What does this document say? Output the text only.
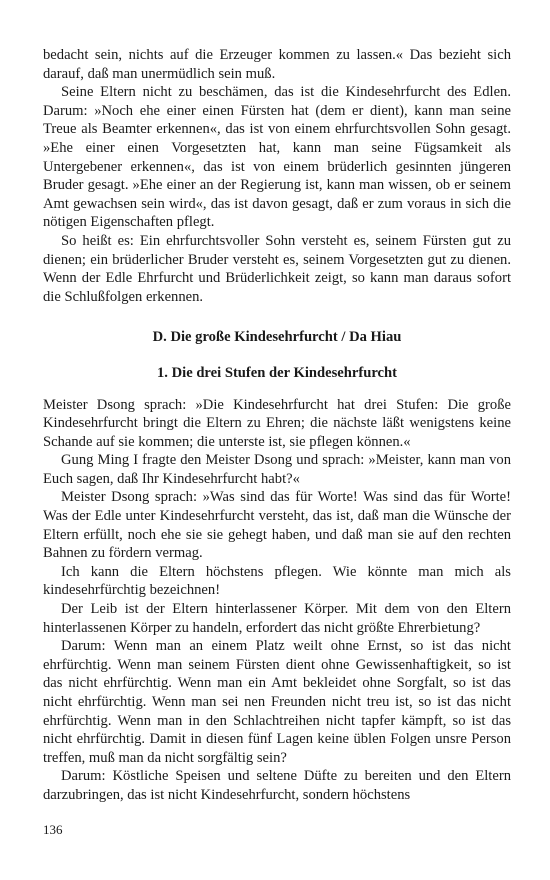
bedacht sein, nichts auf die Erzeuger kommen zu lassen.« Das bezieht sich darauf, daß man unermüdlich sein muß.

Seine Eltern nicht zu beschämen, das ist die Kindesehrfurcht des Edlen. Darum: »Noch ehe einer einen Fürsten hat (dem er dient), kann man seine Treue als Beamter erkennen«, das ist von einem ehrfurchtsvollen Sohn gesagt. »Ehe einer einen Vorgesetzten hat, kann man seine Fügsamkeit als Untergebener erkennen«, das ist von einem brüderlich gesinnten jüngeren Bruder gesagt. »Ehe einer an der Regierung ist, kann man wissen, ob er seinem Amt gewachsen sein wird«, das ist davon gesagt, daß er zum voraus in sich die nötigen Eigenschaften pflegt.

So heißt es: Ein ehrfurchtsvoller Sohn versteht es, seinem Fürsten gut zu dienen; ein brüderlicher Bruder versteht es, seinem Vorgesetzten gut zu dienen. Wenn der Edle Ehrfurcht und Brüderlichkeit zeigt, so kann man daraus sofort die Schlußfolgen erkennen.

D. Die große Kindesehrfurcht / Da Hiau
1. Die drei Stufen der Kindesehrfurcht

Meister Dsong sprach: »Die Kindesehrfurcht hat drei Stufen: Die große Kindesehrfurcht bringt die Eltern zu Ehren; die nächste läßt wenigstens keine Schande auf sie kommen; die unterste ist, sie pflegen können.«

Gung Ming I fragte den Meister Dsong und sprach: »Meister, kann man von Euch sagen, daß Ihr Kindesehrfurcht habt?«

Meister Dsong sprach: »Was sind das für Worte! Was sind das für Worte! Was der Edle unter Kindesehrfurcht versteht, das ist, daß man die Wünsche der Eltern erfüllt, noch ehe sie sie gehegt haben, und daß man sie auf den rechten Bahnen zu fördern vermag.

Ich kann die Eltern höchstens pflegen. Wie könnte man mich als kindesehrfürchtig bezeichnen!

Der Leib ist der Eltern hinterlassener Körper. Mit dem von den Eltern hinterlassenen Körper zu handeln, erfordert das nicht größte Ehrerbietung?

Darum: Wenn man an einem Platz weilt ohne Ernst, so ist das nicht ehrfürchtig. Wenn man seinem Fürsten dient ohne Gewissenhaftigkeit, so ist das nicht ehrfürchtig. Wenn man ein Amt bekleidet ohne Sorgfalt, so ist das nicht ehrfürchtig. Wenn man sei nen Freunden nicht treu ist, so ist das nicht ehrfürchtig. Wenn man in den Schlachtreihen nicht tapfer kämpft, so ist das nicht ehrfürchtig. Damit in diesen fünf Lagen keine üblen Folgen unsre Person treffen, muß man da nicht sorgfältig sein?

Darum: Köstliche Speisen und seltene Düfte zu bereiten und den Eltern darzubringen, das ist nicht Kindesehrfurcht, sondern höchstens

136
